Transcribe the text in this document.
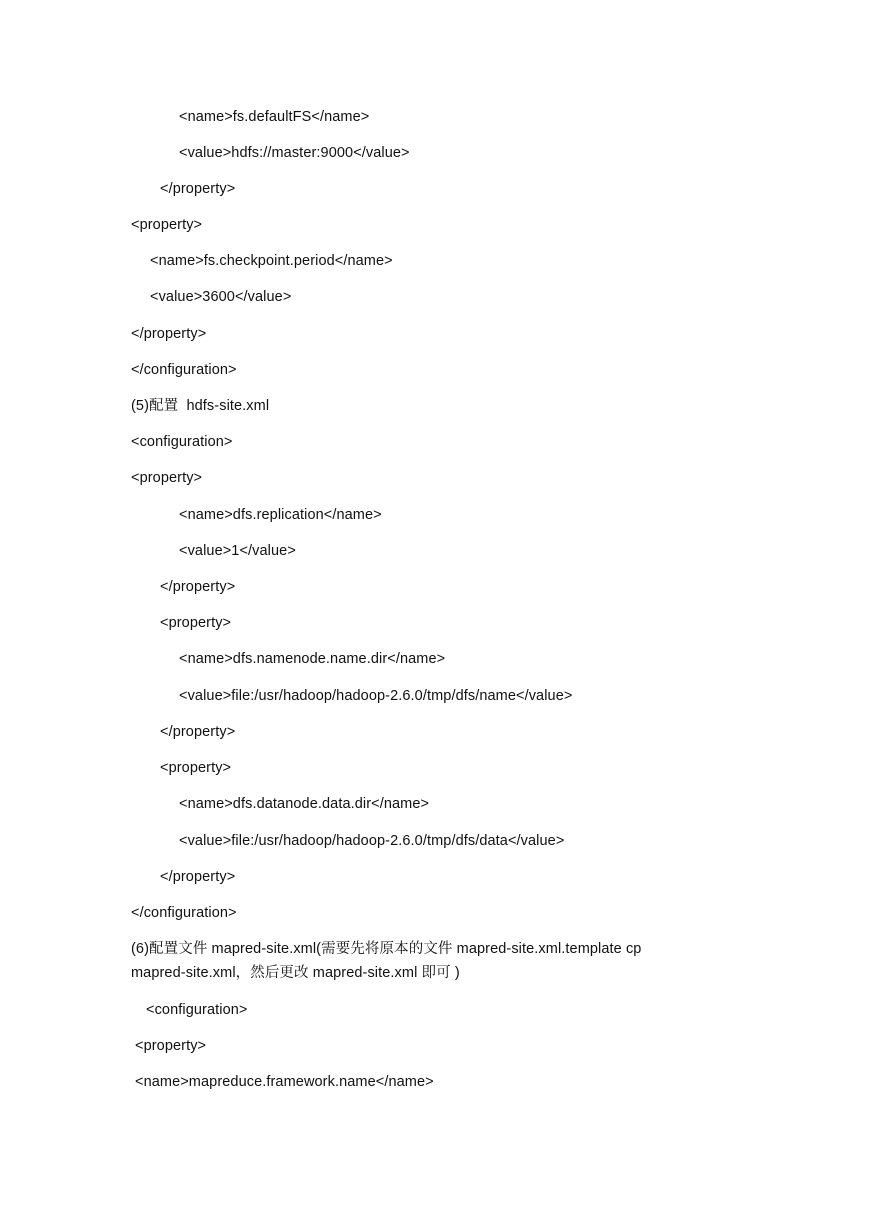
<name>fs.defaultFS</name>
<value>hdfs://master:9000</value>
</property>
<property>
<name>fs.checkpoint.period</name>
<value>3600</value>
</property>
</configuration>
(5)配置  hdfs-site.xml
<configuration>
<property>
<name>dfs.replication</name>
<value>1</value>
</property>
<property>
<name>dfs.namenode.name.dir</name>
<value>file:/usr/hadoop/hadoop-2.6.0/tmp/dfs/name</value>
</property>
<property>
<name>dfs.datanode.data.dir</name>
<value>file:/usr/hadoop/hadoop-2.6.0/tmp/dfs/data</value>
</property>
</configuration>
(6)配置文件 mapred-site.xml(需要先将原本的文件 mapred-site.xml.template cp mapred-site.xml，然后更改 mapred-site.xml 即可 )
<configuration>
<property>
<name>mapreduce.framework.name</name>
